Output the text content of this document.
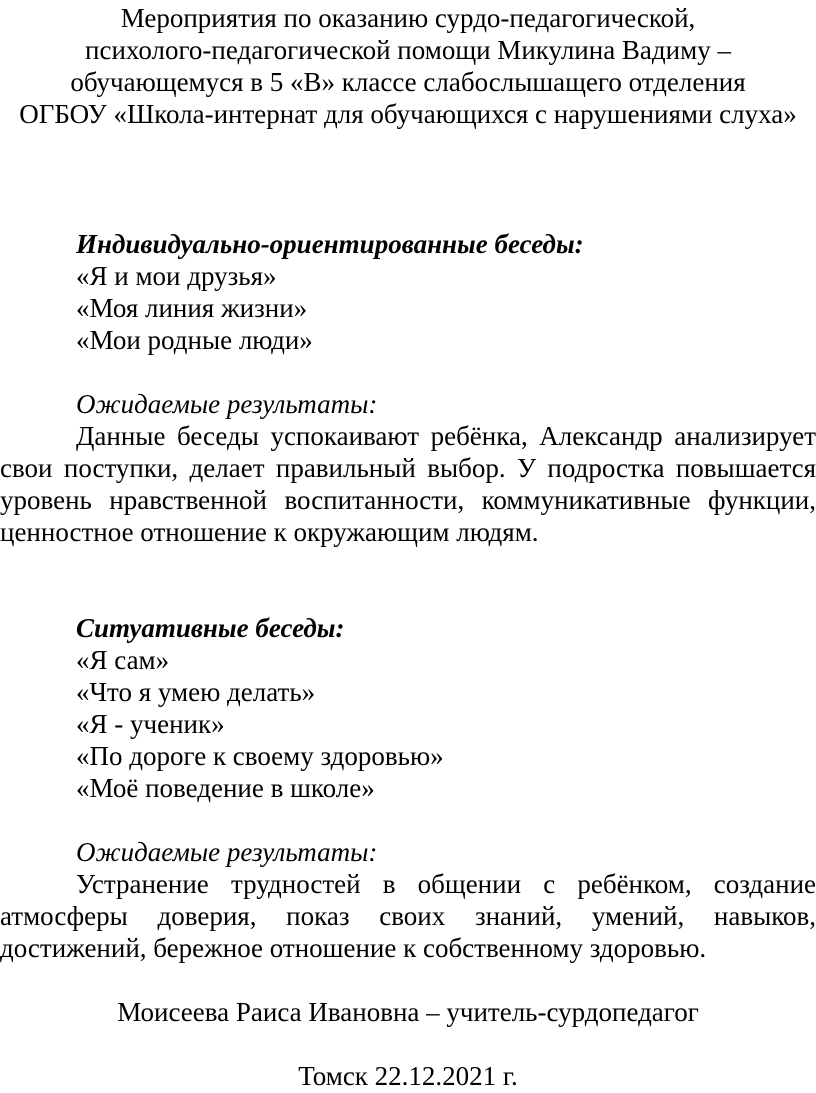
Мероприятия по оказанию сурдо-педагогической,
психолого-педагогической помощи Микулина Вадиму –
обучающемуся в 5 «В» классе слабослышащего отделения
ОГБОУ «Школа-интернат для обучающихся с нарушениями слуха»
Индивидуально-ориентированные беседы:
«Я и мои друзья»
«Моя линия жизни»
«Мои родные люди»
Ожидаемые результаты:
Данные беседы успокаивают ребёнка, Александр анализирует
свои поступки, делает правильный выбор. У подростка повышается
уровень нравственной воспитанности, коммуникативные функции,
ценностное отношение к окружающим людям.
Ситуативные беседы:
«Я сам»
«Что я умею делать»
«Я - ученик»
«По дороге к своему здоровью»
«Моё поведение в школе»
Ожидаемые результаты:
Устранение трудностей в общении с ребёнком, создание
атмосферы доверия, показ своих знаний, умений, навыков,
достижений, бережное отношение к собственному здоровью.
Моисеева Раиса Ивановна – учитель-сурдопедагог
Томск 22.12.2021 г.
